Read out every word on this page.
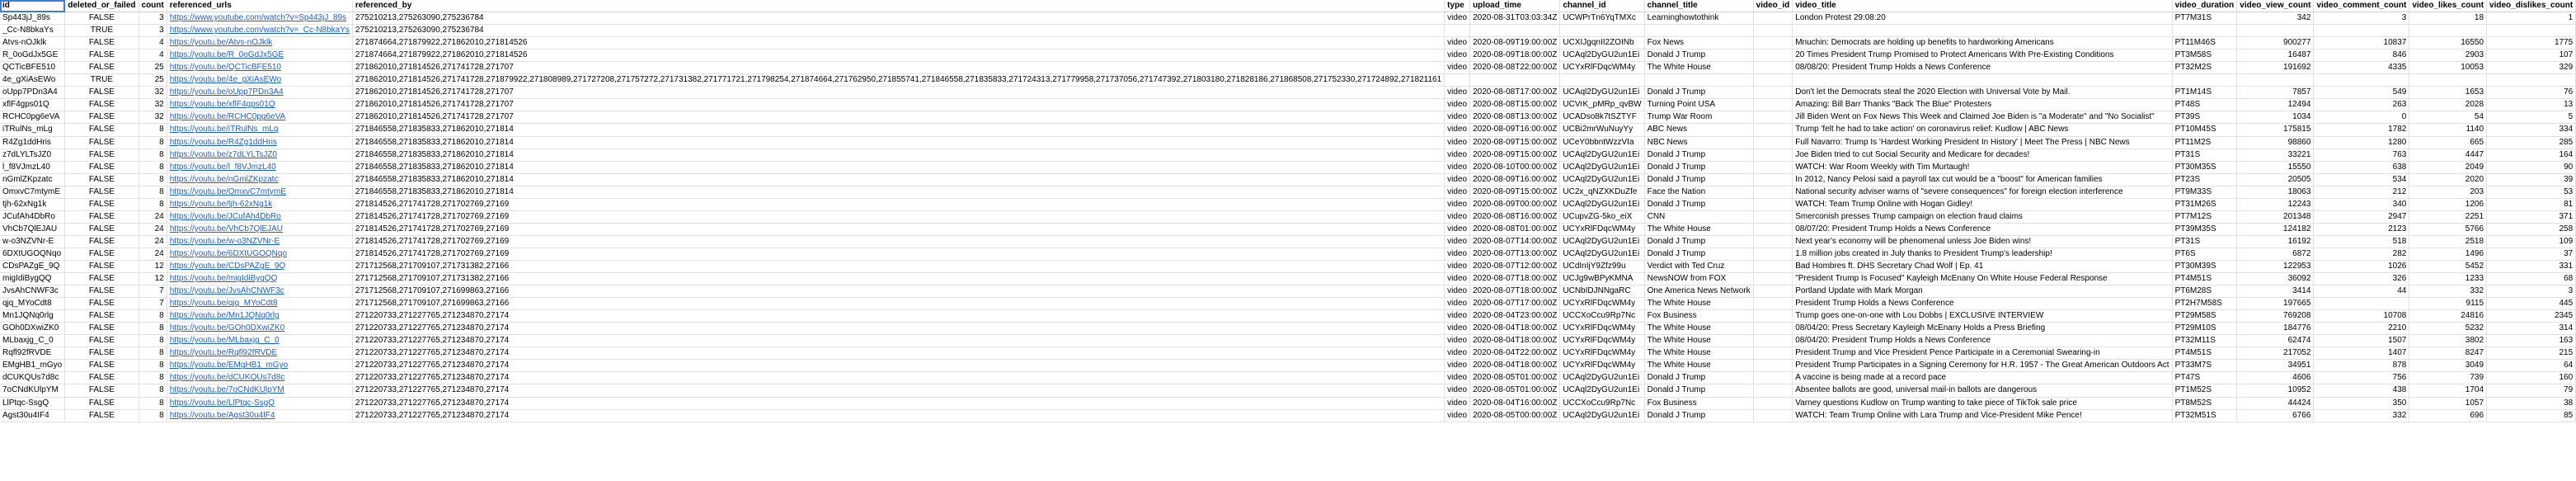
id	deleted_or_failed	count	referenced_urls	referenced_by	type	upload_time	channel_id	channel_title	video_id	video_title	video_duration	video_view_count	video_comment_count	video_likes_count	video_dislikes_count
Sp443jJ_89s	FALSE	3	https://www.youtube.com/watch?v=Sp443jJ_89s	275210213,275263090,275236784	video	2020-08-31T03:03:34Z	UCWPrTn6YqTMXc	Learninghowtothink		London Protest 29:08:20	PT7M31S	342	3	18	1
_Cc-N8bkaYs	TRUE	3	https://www.youtube.com/watch?v=_Cc-N8bkaYs	275210213,275263090,275236784											
Atvs-nOJklk	FALSE	4	https://youtu.be/Atvs-nOJklk	271874664,271879922,271862010,271814526	video	2020-08-09T19:00:00Z	UCXIJgqnII2ZOINb	Fox News		Mnuchin: Democrats are holding up benefits to hardworking Americans	PT11M46S	900277	10837	16550	1775
R_0oGdJx5GE	FALSE	4	https://youtu.be/R_0oGdJx5GE	271874664,271879922,271862010,271814526	video	2020-08-09T18:00:00Z	UCAql2DyGU2un1Ei	Donald J Trump		20 Times President Trump Promised to Protect Americans With Pre-Existing Conditions	PT3M58S	16487	846	2903	107
QCTicBFE510	FALSE	25	https://youtu.be/QCTicBFE510	271862010,271814526,271741728,271707	video	2020-08-08T22:00:00Z	UCYxRlFDqcWM4y	The White House		08/08/20: President Trump Holds a News Conference	PT32M2S	191692	4335	10053	329
4e_gXiAsEWo	TRUE	25	https://youtu.be/4e_gXiAsEWo	271862010,271814526,271741728,271879922,271808989,271727208,271757272,271731382,271771721,271798254,271874664,271762950,271855741,271846558,271835833,271724313,271779958,271737056,271747392,271803180,271828186,271868508,271752330,271724892,271821161											
oUpp7PDn3A4	FALSE	32	https://youtu.be/oUpp7PDn3A4	271862010,271814526,271741728,271707	video	2020-08-08T17:00:00Z	UCAql2DyGU2un1Ei	Donald J Trump		Don't let the Democrats steal the 2020 Election with Universal Vote by Mail.	PT1M14S	7857	549	1653	76
xflF4gps01Q	FALSE	32	https://youtu.be/xflF4gps01Q	271862010,271814526,271741728,271707	video	2020-08-08T15:00:00Z	UCVrK_pMRp_qvBW	Turning Point USA		Amazing: Bill Barr Thanks "Back The Blue" Protesters	PT48S	12494	263	2028	13
RCHC0pg6eVA	FALSE	32	https://youtu.be/RCHC0pg6eVA	271862010,271814526,271741728,271707	video	2020-08-08T13:00:00Z	UCADso8k7tSZTYF	Trump War Room		Jill Biden Went on Fox News This Week and Claimed Joe Biden is "a Moderate" and "No Socialist"	PT39S	1034	0	54	5
iTRulNs_mLg	FALSE	8	https://youtu.be/iTRulNs_mLg	271846558,271835833,271862010,271814	video	2020-08-09T16:00:00Z	UCBi2mrWuNuyYy	ABC News		Trump 'felt he had to take action' on coronavirus relief: Kudlow | ABC News	PT10M45S	175815	1782	1140	334
R4Zg1ddHris	FALSE	8	https://youtu.be/R4Zg1ddHris	271846558,271835833,271862010,271814	video	2020-08-09T15:00:00Z	UCeY0bbntWzzVIa	NBC News		Full Navarro: Trump Is 'Hardest Working President In History' | Meet The Press | NBC News	PT11M2S	98860	1280	665	285
z7dLYLTsJZ0	FALSE	8	https://youtu.be/z7dLYLTsJZ0	271846558,271835833,271862010,271814	video	2020-08-09T15:00:00Z	UCAql2DyGU2un1Ei	Donald J Trump		Joe Biden tried to cut Social Security and Medicare for decades!	PT31S	33221	763	4447	164
l_f8VJmzL40	FALSE	8	https://youtu.be/l_f8VJmzL40	271846558,271835833,271862010,271814	video	2020-08-10T00:00:00Z	UCAql2DyGU2un1Ei	Donald J Trump		WATCH: War Room Weekly with Tim Murtaugh!	PT30M35S	15550	638	2049	90
nGmlZKpzatc	FALSE	8	https://youtu.be/nGmlZKpzatc	271846558,271835833,271862010,271814	video	2020-08-09T16:00:00Z	UCAql2DyGU2un1Ei	Donald J Trump		In 2012, Nancy Pelosi said a payroll tax cut would be a "boost" for American families	PT23S	20505	534	2020	39
OmxvC7mtymE	FALSE	8	https://youtu.be/OmxvC7mtymE	271846558,271835833,271862010,271814	video	2020-08-09T15:00:00Z	UC2x_qNZXKDuZfe	Face the Nation		National security adviser warns of "severe consequences" for foreign election interference	PT9M33S	18063	212	203	53
tjh-62xNg1k	FALSE	8	https://youtu.be/tjh-62xNg1k	271814526,271741728,271702769,27169	video	2020-08-09T00:00:00Z	UCAql2DyGU2un1Ei	Donald J Trump		WATCH: Team Trump Online with Hogan Gidley!	PT31M26S	12243	340	1206	81
JCufAh4DbRo	FALSE	24	https://youtu.be/JCufAh4DbRo	271814526,271741728,271702769,27169	video	2020-08-08T16:00:00Z	UCupvZG-5ko_eiX	CNN		Smerconish presses Trump campaign on election fraud claims	PT7M12S	201348	2947	2251	371
VhCb7QlEJAU	FALSE	24	https://youtu.be/VhCb7QlEJAU	271814526,271741728,271702769,27169	video	2020-08-08T01:00:00Z	UCYxRlFDqcWM4y	The White House		08/07/20: President Trump Holds a News Conference	PT39M35S	124182	2123	5766	258
w-o3NZVNr-E	FALSE	24	https://youtu.be/w-o3NZVNr-E	271814526,271741728,271702769,27169	video	2020-08-07T14:00:00Z	UCAql2DyGU2un1Ei	Donald J Trump		Next year's economy will be phenomenal unless Joe Biden wins!	PT31S	16192	518	2518	109
6DXtUGOQNqo	FALSE	24	https://youtu.be/6DXtUGOQNqo	271814526,271741728,271702769,27169	video	2020-08-07T13:00:00Z	UCAql2DyGU2un1Ei	Donald J Trump		1.8 million jobs created in July thanks to President Trump's leadership!	PT6S	6872	282	1496	37
CDsPAZgE_9Q	FALSE	12	https://youtu.be/CDsPAZgE_9Q	271712568,271709107,271731382,27166	video	2020-08-07T12:00:00Z	UCdInIjY9Zfz99u	Verdict with Ted Cruz		Bad Hombres ft. DHS Secretary Chad Wolf | Ep. 41	PT30M39S	122953	1026	5452	331
migIdiBygQQ	FALSE	12	https://youtu.be/migIdiBygQQ	271712568,271709107,271731382,27166	video	2020-08-07T18:00:00Z	UCJg9wBPyKMNA	NewsNOW from FOX		"President Trump Is Focused" Kayleigh McEnany On White House Federal Response	PT4M51S	36092	326	1233	68
JvsAhCNWF3c	FALSE	7	https://youtu.be/JvsAhCNWF3c	271712568,271709107,271699863,27166	video	2020-08-07T18:00:00Z	UCNbIDJNNgaRC	One America News Network		Portland Update with Mark Morgan	PT6M28S	3414	44	332	3
qjq_MYoCdt8	FALSE	7	https://youtu.be/qjq_MYoCdt8	271712568,271709107,271699863,27166	video	2020-08-07T17:00:00Z	UCYxRlFDqcWM4y	The White House		President Trump Holds a News Conference	PT2H7M58S	197665		9115	445
Mn1JQNq0rlg	FALSE	8	https://youtu.be/Mn1JQNq0rlg	271220733,271227765,271234870,27174	video	2020-08-04T23:00:00Z	UCCXoCcu9Rp7Nc	Fox Business		Trump goes one-on-one with Lou Dobbs | EXCLUSIVE INTERVIEW	PT29M58S	769208	10708	24816	2345
GOh0DXwiZK0	FALSE	8	https://youtu.be/GOh0DXwiZK0	271220733,271227765,271234870,27174	video	2020-08-04T18:00:00Z	UCYxRlFDqcWM4y	The White House		08/04/20: Press Secretary Kayleigh McEnany Holds a Press Briefing	PT29M10S	184776	2210	5232	314
MLbaxjg_C_0	FALSE	8	https://youtu.be/MLbaxjg_C_0	271220733,271227765,271234870,27174	video	2020-08-04T18:00:00Z	UCYxRlFDqcWM4y	The White House		08/04/20: President Trump Holds a News Conference	PT32M11S	62474	1507	3802	163
Rqfl92fRVDE	FALSE	8	https://youtu.be/Rqfl92fRVDE	271220733,271227765,271234870,27174	video	2020-08-04T22:00:00Z	UCYxRlFDqcWM4y	The White House		President Trump and Vice President Pence Participate in a Ceremonial Swearing-in	PT4M51S	217052	1407	8247	215
EMgHB1_mGyo	FALSE	8	https://youtu.be/EMgHB1_mGyo	271220733,271227765,271234870,27174	video	2020-08-04T18:00:00Z	UCYxRlFDqcWM4y	The White House		President Trump Participates in a Signing Ceremony for H.R. 1957 - The Great American Outdoors Act	PT33M7S	34951	878	3049	64
dCUKQUs7d8c	FALSE	8	https://youtu.be/dCUKQUs7d8c	271220733,271227765,271234870,27174	video	2020-08-05T01:00:00Z	UCAql2DyGU2un1Ei	Donald J Trump		A vaccine is being made at a record pace	PT47S	4606	756	739	160
7oCNdKUlpYM	FALSE	8	https://youtu.be/7oCNdKUlpYM	271220733,271227765,271234870,27174	video	2020-08-05T01:00:00Z	UCAql2DyGU2un1Ei	Donald J Trump		Absentee ballots are good, universal mail-in ballots are dangerous	PT1M52S	10952	438	1704	79
LlPtqc-SsgQ	FALSE	8	https://youtu.be/LlPtqc-SsgQ	271220733,271227765,271234870,27174	video	2020-08-04T16:00:00Z	UCCXoCcu9Rp7Nc	Fox Business		Varney questions Kudlow on Trump wanting to take piece of TikTok sale price	PT8M52S	44424	350	1057	38
Agst30u4IF4	FALSE	8	https://youtu.be/Agst30u4IF4	271220733,271227765,271234870,27174	video	2020-08-05T00:00:00Z	UCAql2DyGU2un1Ei	Donald J Trump		WATCH: Team Trump Online with Lara Trump and Vice-President Mike Pence!	PT32M51S	6766	332	696	85
